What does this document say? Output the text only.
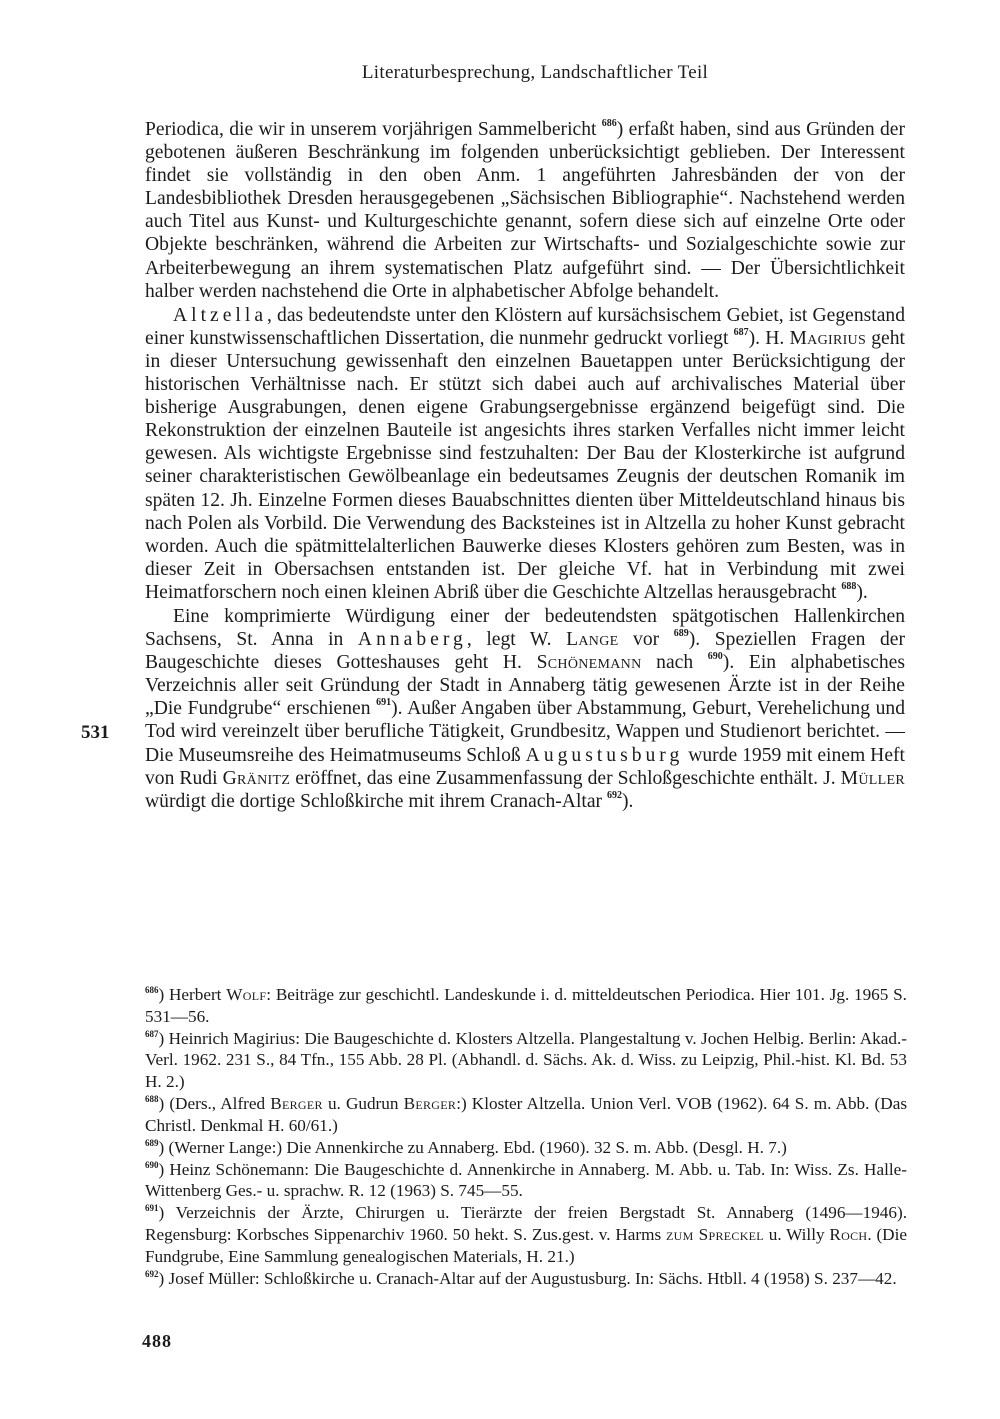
Literaturbesprechung, Landschaftlicher Teil

Periodica, die wir in unserem vorjährigen Sammelbericht $^{686}$) erfaßt haben, sind aus Gründen der gebotenen äußeren Beschränkung im folgenden unberücksichtigt geblieben. Der Interessent findet sie vollständig in den oben Anm. 1 angeführten Jahresbänden der von der Landesbibliothek Dresden herausgegebenen „Sächsischen Bibliographie“. Nachstehend werden auch Titel aus Kunst- und Kulturgeschichte genannt, sofern diese sich auf einzelne Orte oder Objekte beschränken, während die Arbeiten zur Wirtschafts- und Sozialgeschichte sowie zur Arbeiterbewegung an ihrem systematischen Platz aufgeführt sind. — Der Übersichtlichkeit halber werden nachstehend die Orte in alphabetischer Abfolge behandelt.

Altzella, das bedeutendste unter den Klöstern auf kursächsischem Gebiet, ist Gegenstand einer kunstwissenschaftlichen Dissertation, die nunmehr gedruckt vorliegt $^{687}$). H. Magirius geht in dieser Untersuchung gewissenhaft den einzelnen Bauetappen unter Berücksichtigung der historischen Verhältnisse nach. Er stützt sich dabei auch auf archivalisches Material über bisherige Ausgrabungen, denen eigene Grabungsergebnisse ergänzend beigefügt sind. Die Rekonstruktion der einzelnen Bauteile ist angesichts ihres starken Verfalles nicht immer leicht gewesen. Als wichtigste Ergebnisse sind festzuhalten: Der Bau der Klosterkirche ist aufgrund seiner charakteristischen Gewölbeanlage ein bedeutsames Zeugnis der deutschen Romanik im späten 12. Jh. Einzelne Formen dieses Bauabschnittes dienten über Mitteldeutschland hinaus bis nach Polen als Vorbild. Die Verwendung des Backsteines ist in Altzella zu hoher Kunst gebracht worden. Auch die spätmittelalterlichen Bauwerke dieses Klosters gehören zum Besten, was in dieser Zeit in Obersachsen entstanden ist. Der gleiche Vf. hat in Verbindung mit zwei Heimatforschern noch einen kleinen Abriß über die Geschichte Altzellas herausgebracht $^{688}$).

Eine komprimierte Würdigung einer der bedeutendsten spätgotischen Hallenkirchen Sachsens, St. Anna in Annaberg, legt W. Lange vor $^{689}$). Speziellen Fragen der Baugeschichte dieses Gotteshauses geht H. Schönemann nach $^{690}$). Ein alphabetisches Verzeichnis aller seit Gründung der Stadt in Annaberg tätig gewesenen Ärzte ist in der Reihe „Die Fundgrube“ erschienen $^{691}$). Außer Angaben über Abstammung, Geburt, Verehelichung und Tod wird vereinzelt über berufliche Tätigkeit, Grundbesitz, Wappen und Studienort berichtet. — Die Museumsreihe des Heimatmuseums Schloß Augustusburg wurde 1959 mit einem Heft von Rudi Gränitz eröffnet, das eine Zusammenfassung der Schloßgeschichte enthält. J. Müller würdigt die dortige Schloßkirche mit ihrem Cranach-Altar $^{692}$).

531

$^{686}$) Herbert Wolf: Beiträge zur geschichtl. Landeskunde i. d. mitteldeutschen Periodica. Hier 101. Jg. 1965 S. 531—56.

$^{687}$) Heinrich Magirius: Die Baugeschichte d. Klosters Altzella. Plangestaltung v. Jochen Helbig. Berlin: Akad.-Verl. 1962. 231 S., 84 Tfn., 155 Abb. 28 Pl. (Abhandl. d. Sächs. Ak. d. Wiss. zu Leipzig, Phil.-hist. Kl. Bd. 53 H. 2.)

$^{688}$) (Ders., Alfred Berger u. Gudrun Berger:) Kloster Altzella. Union Verl. VOB (1962). 64 S. m. Abb. (Das Christl. Denkmal H. 60/61.)

$^{689}$) (Werner Lange:) Die Annenkirche zu Annaberg. Ebd. (1960). 32 S. m. Abb. (Desgl. H. 7.)

$^{690}$) Heinz Schönemann: Die Baugeschichte d. Annenkirche in Annaberg. M. Abb. u. Tab. In: Wiss. Zs. Halle-Wittenberg Ges.- u. sprachw. R. 12 (1963) S. 745—55.

$^{691}$) Verzeichnis der Ärzte, Chirurgen u. Tierärzte der freien Bergstadt St. Annaberg (1496—1946). Regensburg: Korbsches Sippenarchiv 1960. 50 hekt. S. Zus.gest. v. Harms zum Spreckel u. Willy Roch. (Die Fundgrube, Eine Sammlung genealogischen Materials, H. 21.)

$^{692}$) Josef Müller: Schloßkirche u. Cranach-Altar auf der Augustusburg. In: Sächs. Htbll. 4 (1958) S. 237—42.

488
